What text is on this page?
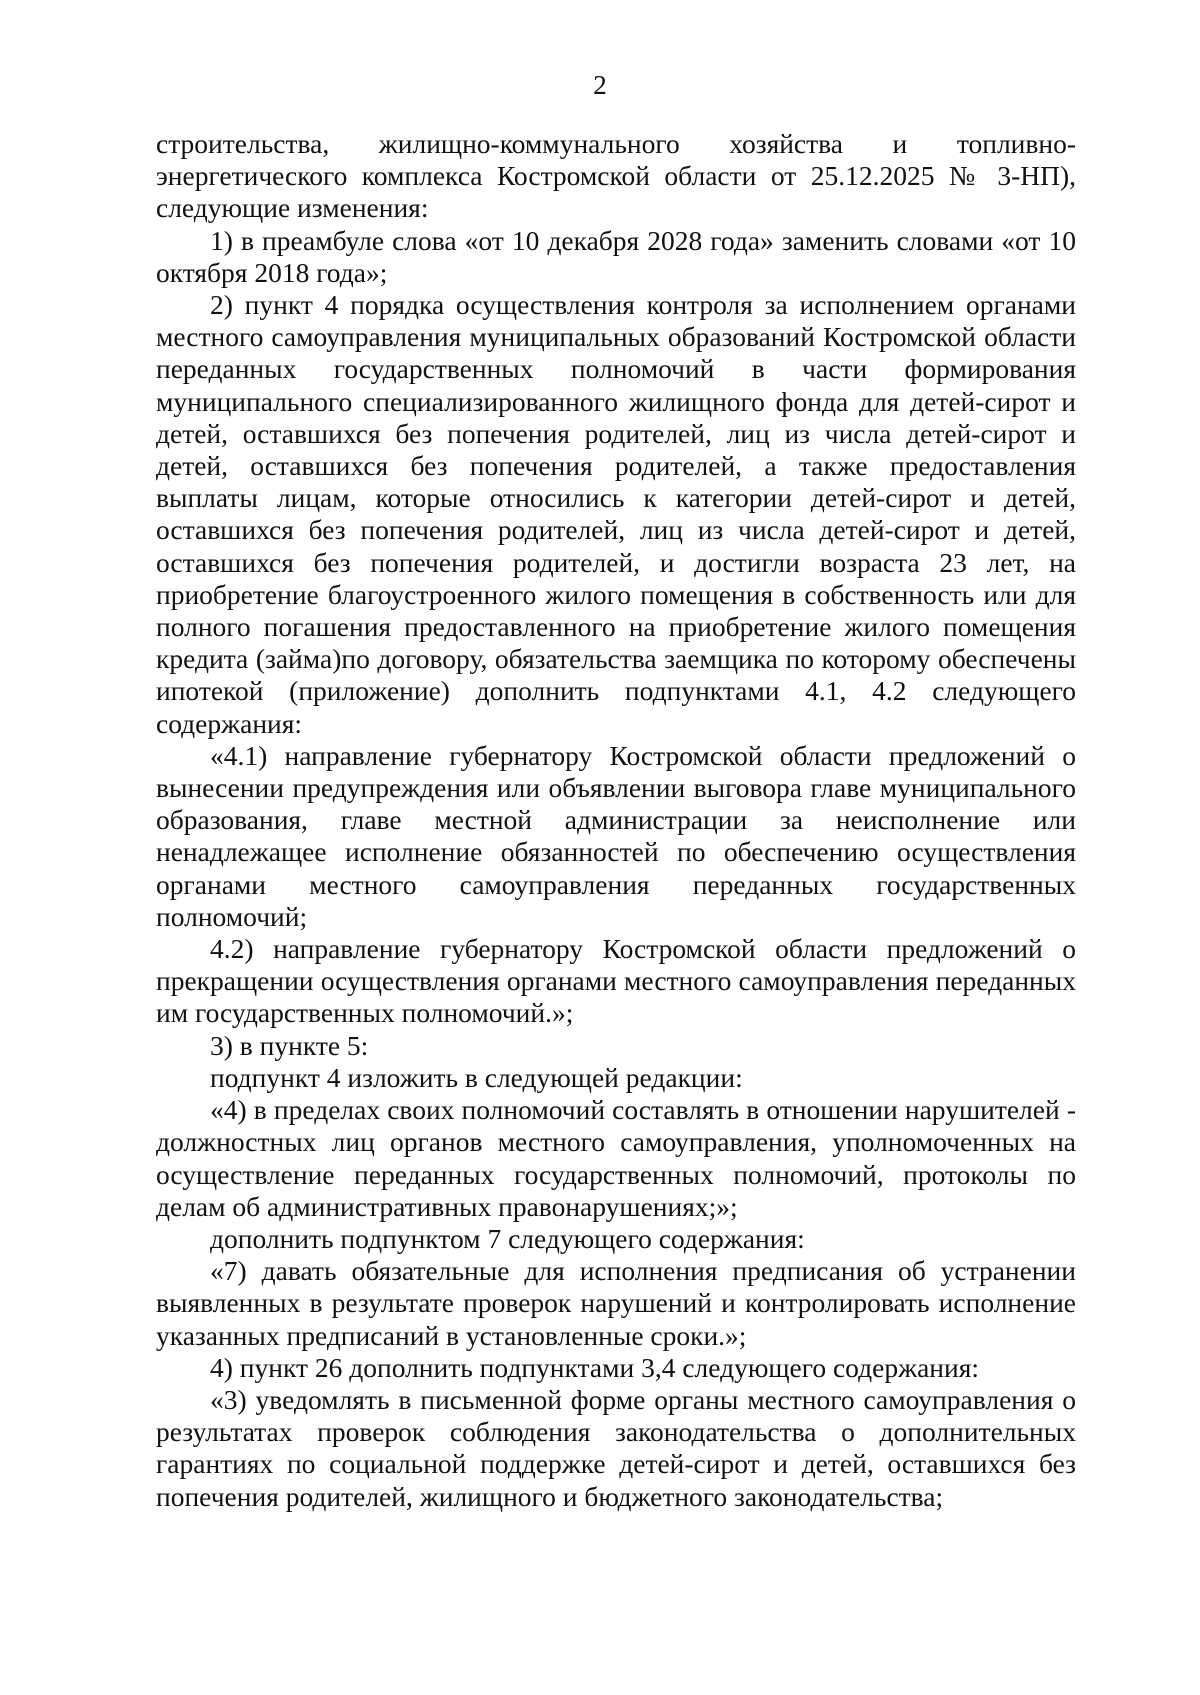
2

строительства, жилищно-коммунального хозяйства и топливно-энергетического комплекса Костромской области от 25.12.2025 № 3-НП), следующие изменения:

1) в преамбуле слова «от 10 декабря 2028 года» заменить словами «от 10 октября 2018 года»;

2) пункт 4 порядка осуществления контроля за исполнением органами местного самоуправления муниципальных образований Костромской области переданных государственных полномочий в части формирования муниципального специализированного жилищного фонда для детей-сирот и детей, оставшихся без попечения родителей, лиц из числа детей-сирот и детей, оставшихся без попечения родителей, а также предоставления выплаты лицам, которые относились к категории детей-сирот и детей, оставшихся без попечения родителей, лиц из числа детей-сирот и детей, оставшихся без попечения родителей, и достигли возраста 23 лет, на приобретение благоустроенного жилого помещения в собственность или для полного погашения предоставленного на приобретение жилого помещения кредита (займа)по договору, обязательства заемщика по которому обеспечены ипотекой (приложение) дополнить подпунктами 4.1, 4.2 следующего содержания:

«4.1) направление губернатору Костромской области предложений о вынесении предупреждения или объявлении выговора главе муниципального образования, главе местной администрации за неисполнение или ненадлежащее исполнение обязанностей по обеспечению осуществления органами местного самоуправления переданных государственных полномочий;

4.2) направление губернатору Костромской области предложений о прекращении осуществления органами местного самоуправления переданных им государственных полномочий.»;

3) в пункте 5:

подпункт 4 изложить в следующей редакции:

«4) в пределах своих полномочий составлять в отношении нарушителей - должностных лиц органов местного самоуправления, уполномоченных на осуществление переданных государственных полномочий, протоколы по делам об административных правонарушениях;»;

дополнить подпунктом 7 следующего содержания:

«7) давать обязательные для исполнения предписания об устранении выявленных в результате проверок нарушений и контролировать исполнение указанных предписаний в установленные сроки.»;

4) пункт 26 дополнить подпунктами 3,4 следующего содержания:

«3) уведомлять в письменной форме органы местного самоуправления о результатах проверок соблюдения законодательства о дополнительных гарантиях по социальной поддержке детей-сирот и детей, оставшихся без попечения родителей, жилищного и бюджетного законодательства;
